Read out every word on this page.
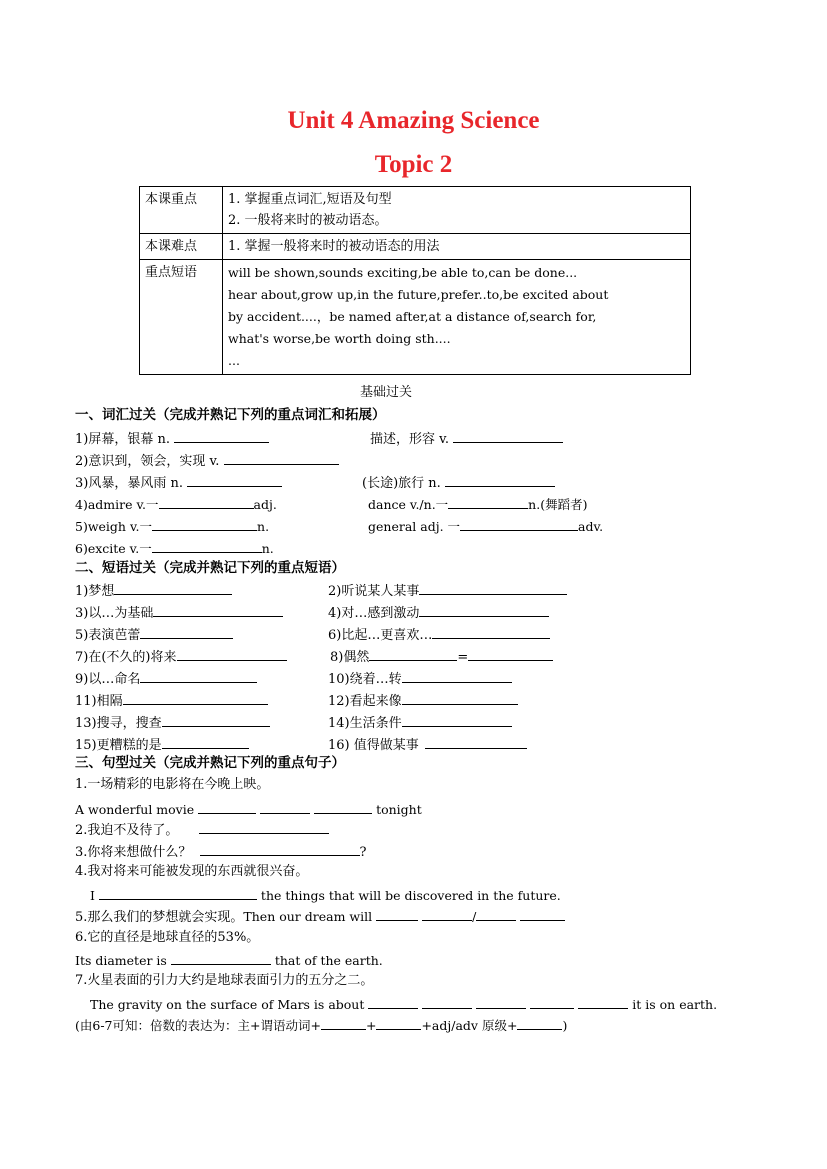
Unit 4 Amazing Science
Topic 2
本课重点	1. 掌握重点词汇,短语及句型
2. 一般将来时的被动语态。

本课难点	1. 掌握一般将来时的被动语态的用法

重点短语	will be shown,sounds exciting,be able to,can be done...
hear about,grow up,in the future,prefer..to,be excited about
by accident....，be named after,at a distance of,search for,
what's worse,be worth doing sth....
...
基础过关
一、词汇过关（完成并熟记下列的重点词汇和拓展）
1)屏幕，银幕 n.	描述，形容 v.
2)意识到，领会，实现 v.
3)风暴，暴风雨 n.	(长途)旅行 n.
4)admire v.一	adj.	dance v./n.一	n.(舞蹈者)
5)weigh v.一	n.	general adj. 一	adv.
6)excite v.一	n.
二、短语过关（完成并熟记下列的重点短语）
1)梦想	2)听说某人某事
3)以…为基础	4)对…感到激动
5)表演芭蕾	6)比起…更喜欢…
7)在(不久的)将来	8)偶然	=
9)以…命名	10)绕着…转
11)相隔	12)看起来像
13)搜寻，搜查	14)生活条件
15)更糟糕的是	16) 值得做某事
三、句型过关（完成并熟记下列的重点句子）
1.一场精彩的电影将在今晚上映。
A wonderful movie	tonight
2.我迫不及待了。
3.你将来想做什么？	?
4.我对将来可能被发现的东西就很兴奋。
I	the things that will be discovered in the future.
5.那么我们的梦想就会实现。Then our dream will	/
6.它的直径是地球直径的53%。
Its diameter is	that of the earth.
7.火星表面的引力大约是地球表面引力的五分之二。
The gravity on the surface of Mars is about	it is on earth.
(由6-7可知：倍数的表达为：主+谓语动词+	+	+adj/adv 原级+	)
